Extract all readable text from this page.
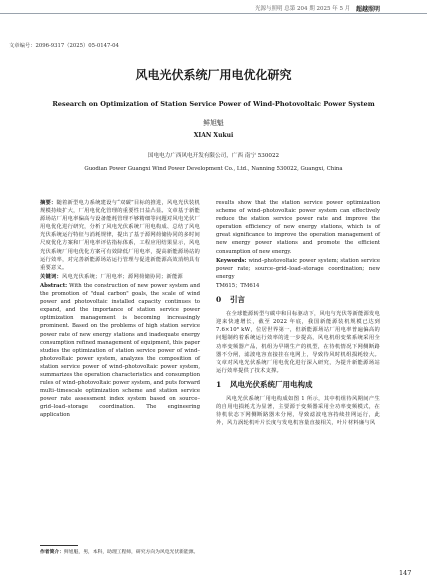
光源与照明 总第 204 期 2025 年 5 月 超越照明
文章编号：2096-9317（2025）05-0147-04
风电光伏系统厂用电优化研究
Research on Optimization of Station Service Power of Wind-Photovoltaic Power System
鲜旭魁
XIAN Xukui
国电电力广西风电开发有限公司，广西 南宁 530022
Guodian Power Guangxi Wind Power Development Co., Ltd., Nanning 530022, Guangxi, China

摘要：随着新型电力系统建设与“双碳”目标的推进，风电光伏装机规模持续扩大，厂用电优化管理的重要性日益凸显。文章基于新能源场站厂用电率偏高与设备能耗管理不够精细等问题对风电光伏厂用电优化进行研究，分析了风电光伏系统厂用电构成、总结了风电光伏系统运行特征与消耗规律，提出了基于源网荷储协同的多时间尺度优化方案和厂用电率评估指标体系，工程应用结果显示，风电光伏系统厂用电优化方案可有效降低厂用电率，提高新能源场站的运行效率，对完善新能源场站运行管理与促进新能源高效消纳具有重要意义。

关键词：风电光伏系统；厂用电率；源网荷储协同；新能源

Abstract: With the construction of new power system and the promotion of "dual carbon" goals, the scale of wind power and photovoltaic installed capacity continues to expand, and the importance of station service power optimization management is becoming increasingly prominent. Based on the problems of high station service power rate of new energy stations and inadequate energy consumption refined management of equipment, this paper studies the optimization of station service power of wind–photovoltaic power system, analyzes the composition of station service power of wind–photovoltaic power system, summarizes the operation characteristics and consumption rules of wind–photovoltaic power system, and puts forward multi–timescale optimization scheme and station service power rate assessment index system based on source–grid–load–storage coordination. The engineering application

results show that the station service power optimization scheme of wind–photovoltaic power system can effectively reduce the station service power rate and improve the operation efficiency of new energy stations, which is of great significance to improve the operation management of new energy power stations and promote the efficient consumption of new energy.

Keywords: wind–photovoltaic power system; station service power rate; source–grid–load–storage coordination; new energy

TM615；TM614

0 引言

在全球能源转型与碳中和目标驱动下，风电与光伏等新能源发电迎来快速增长，截至 2022 年底，我国新能源装机规模已达到 7.6×10⁸ kW，位居世界第一，但新能源场站厂用电率普遍偏高的问题制约着系统运行效率的进一步提高，风电机组变桨系统采用全功率变频器产品，机组为早期生产的机型，在待机情况下网侧断路器不分闸，滤波电容直接挂在电网上，导致待风时机组损耗较大。文章对风电光伏系统厂用电优化进行深入研究，为提升新能源场站运行效率提供了技术支撑。

1 风电光伏系统厂用电构成

风电光伏系统厂用电构成如图 1 所示，其中机组待风期间产生的自用电损耗尤为显著，主要源于变频器采用全功率变频模式，在待机状态下网侧断路器未分闸，导致滤波电容持续挂网运行，此外，风力涡轮机叶片长度与发电机容量直接相关，叶片材料廉与风

作者简介：鲜旭魁，男，本科，助理工程师，研究方向为风电光伏新能源。
147
